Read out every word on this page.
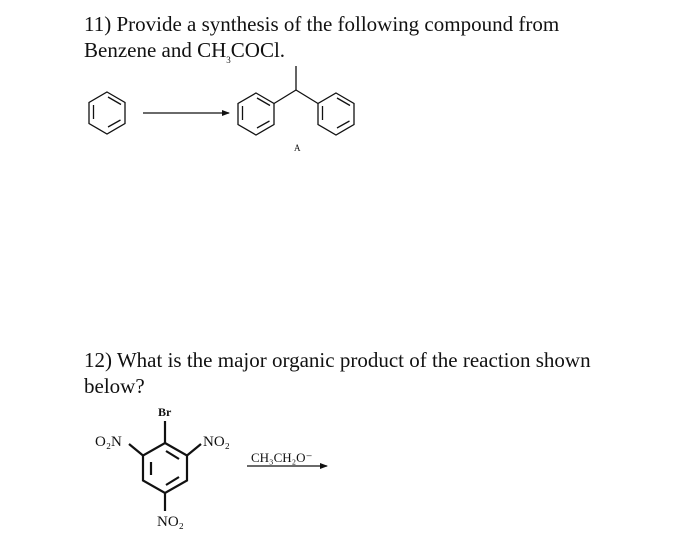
11) Provide a synthesis of the following compound from
Benzene and $CH_3COCl$.
12) What is the major organic product of the reaction shown
below?
A
Br
O₂N	NO₂
NO₂
CH₃CH₂O⁻
